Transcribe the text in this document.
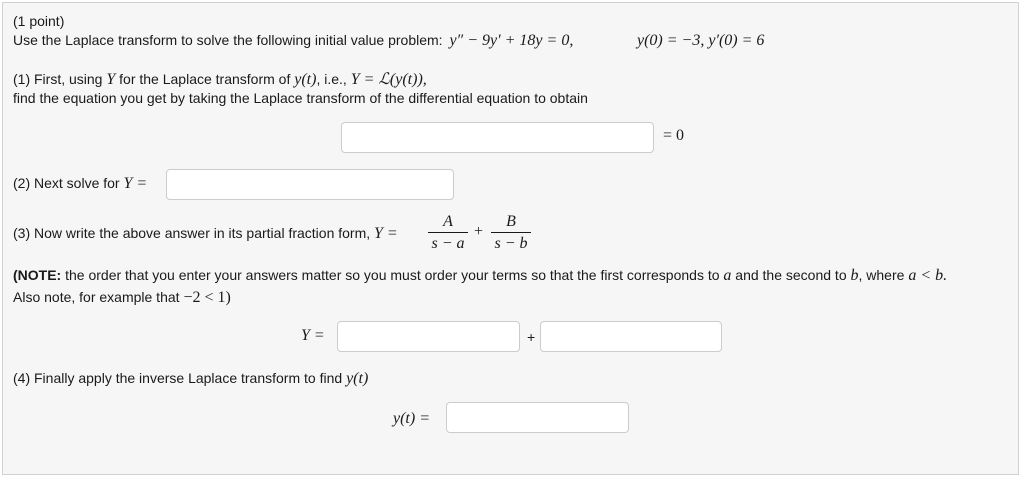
(1 point)
Use the Laplace transform to solve the following initial value problem: y″ − 9y′ + 18y = 0,	y(0) = −3, y′(0) = 6
(1) First, using Y for the Laplace transform of y(t), i.e., Y = ℒ(y(t)),
find the equation you get by taking the Laplace transform of the differential equation to obtain
= 0
(2) Next solve for Y =
(3) Now write the above answer in its partial fraction form, Y =
A
s − a
+
B
s − b
(NOTE: the order that you enter your answers matter so you must order your terms so that the first corresponds to a and the second to b, where a < b.
Also note, for example that −2 < 1)
Y =	+
(4) Finally apply the inverse Laplace transform to find y(t)
y(t) =
